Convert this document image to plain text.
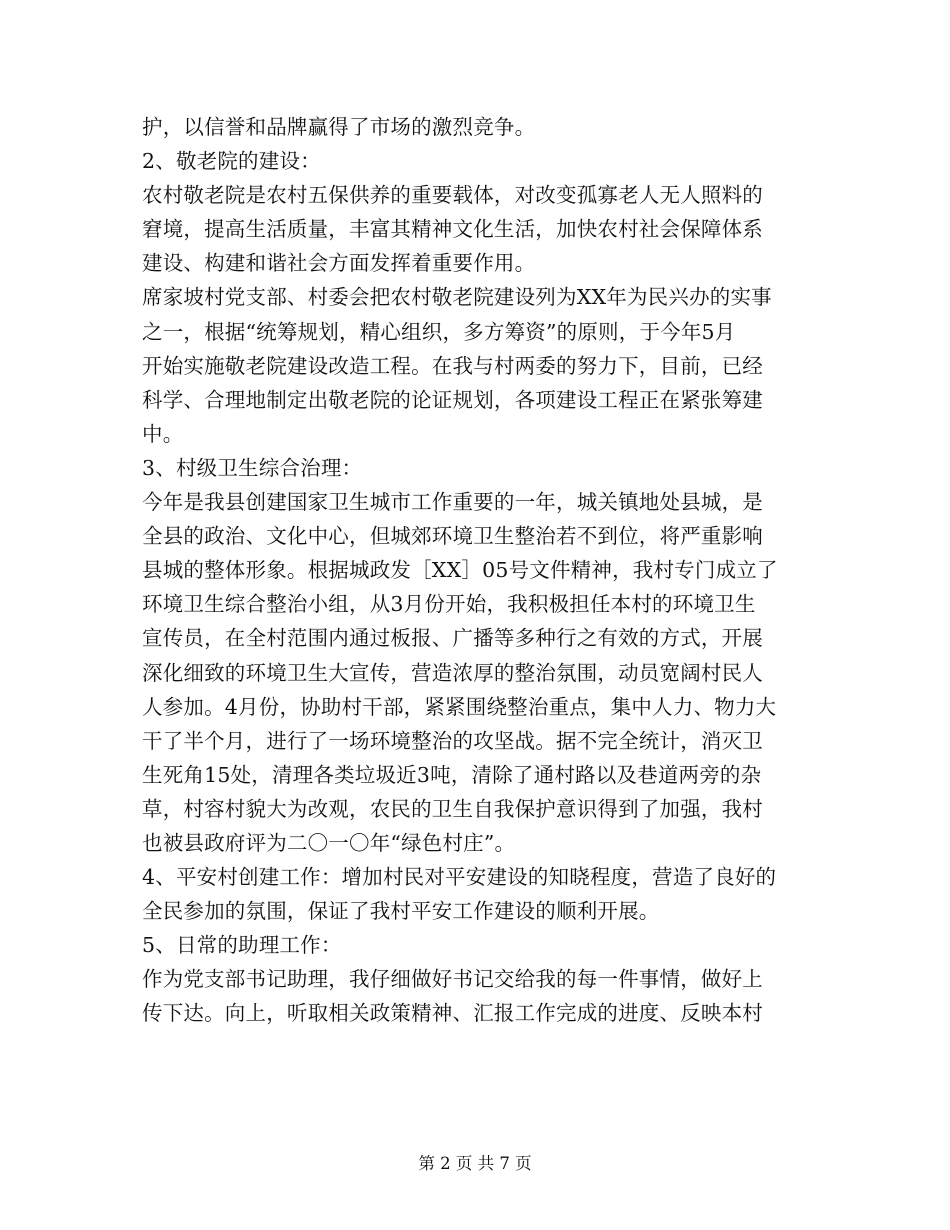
护，以信誉和品牌赢得了市场的激烈竞争。
2、敬老院的建设：
农村敬老院是农村五保供养的重要载体，对改变孤寡老人无人照料的
窘境，提高生活质量，丰富其精神文化生活，加快农村社会保障体系
建设、构建和谐社会方面发挥着重要作用。
席家坡村党支部、村委会把农村敬老院建设列为XX年为民兴办的实事
之一，根据“统筹规划，精心组织，多方筹资”的原则，于今年5月
开始实施敬老院建设改造工程。在我与村两委的努力下，目前，已经
科学、合理地制定出敬老院的论证规划，各项建设工程正在紧张筹建
中。
3、村级卫生综合治理：
今年是我县创建国家卫生城市工作重要的一年，城关镇地处县城，是
全县的政治、文化中心，但城郊环境卫生整治若不到位，将严重影响
县城的整体形象。根据城政发［XX］05号文件精神，我村专门成立了
环境卫生综合整治小组，从3月份开始，我积极担任本村的环境卫生
宣传员，在全村范围内通过板报、广播等多种行之有效的方式，开展
深化细致的环境卫生大宣传，营造浓厚的整治氛围，动员宽阔村民人
人参加。4月份，协助村干部，紧紧围绕整治重点，集中人力、物力大
干了半个月，进行了一场环境整治的攻坚战。据不完全统计，消灭卫
生死角15处，清理各类垃圾近3吨，清除了通村路以及巷道两旁的杂
草，村容村貌大为改观，农民的卫生自我保护意识得到了加强，我村
也被县政府评为二〇一〇年“绿色村庄”。
4、平安村创建工作：增加村民对平安建设的知晓程度，营造了良好的
全民参加的氛围，保证了我村平安工作建设的顺利开展。
5、日常的助理工作：
作为党支部书记助理，我仔细做好书记交给我的每一件事情，做好上
传下达。向上，听取相关政策精神、汇报工作完成的进度、反映本村
第 2 页 共 7 页
